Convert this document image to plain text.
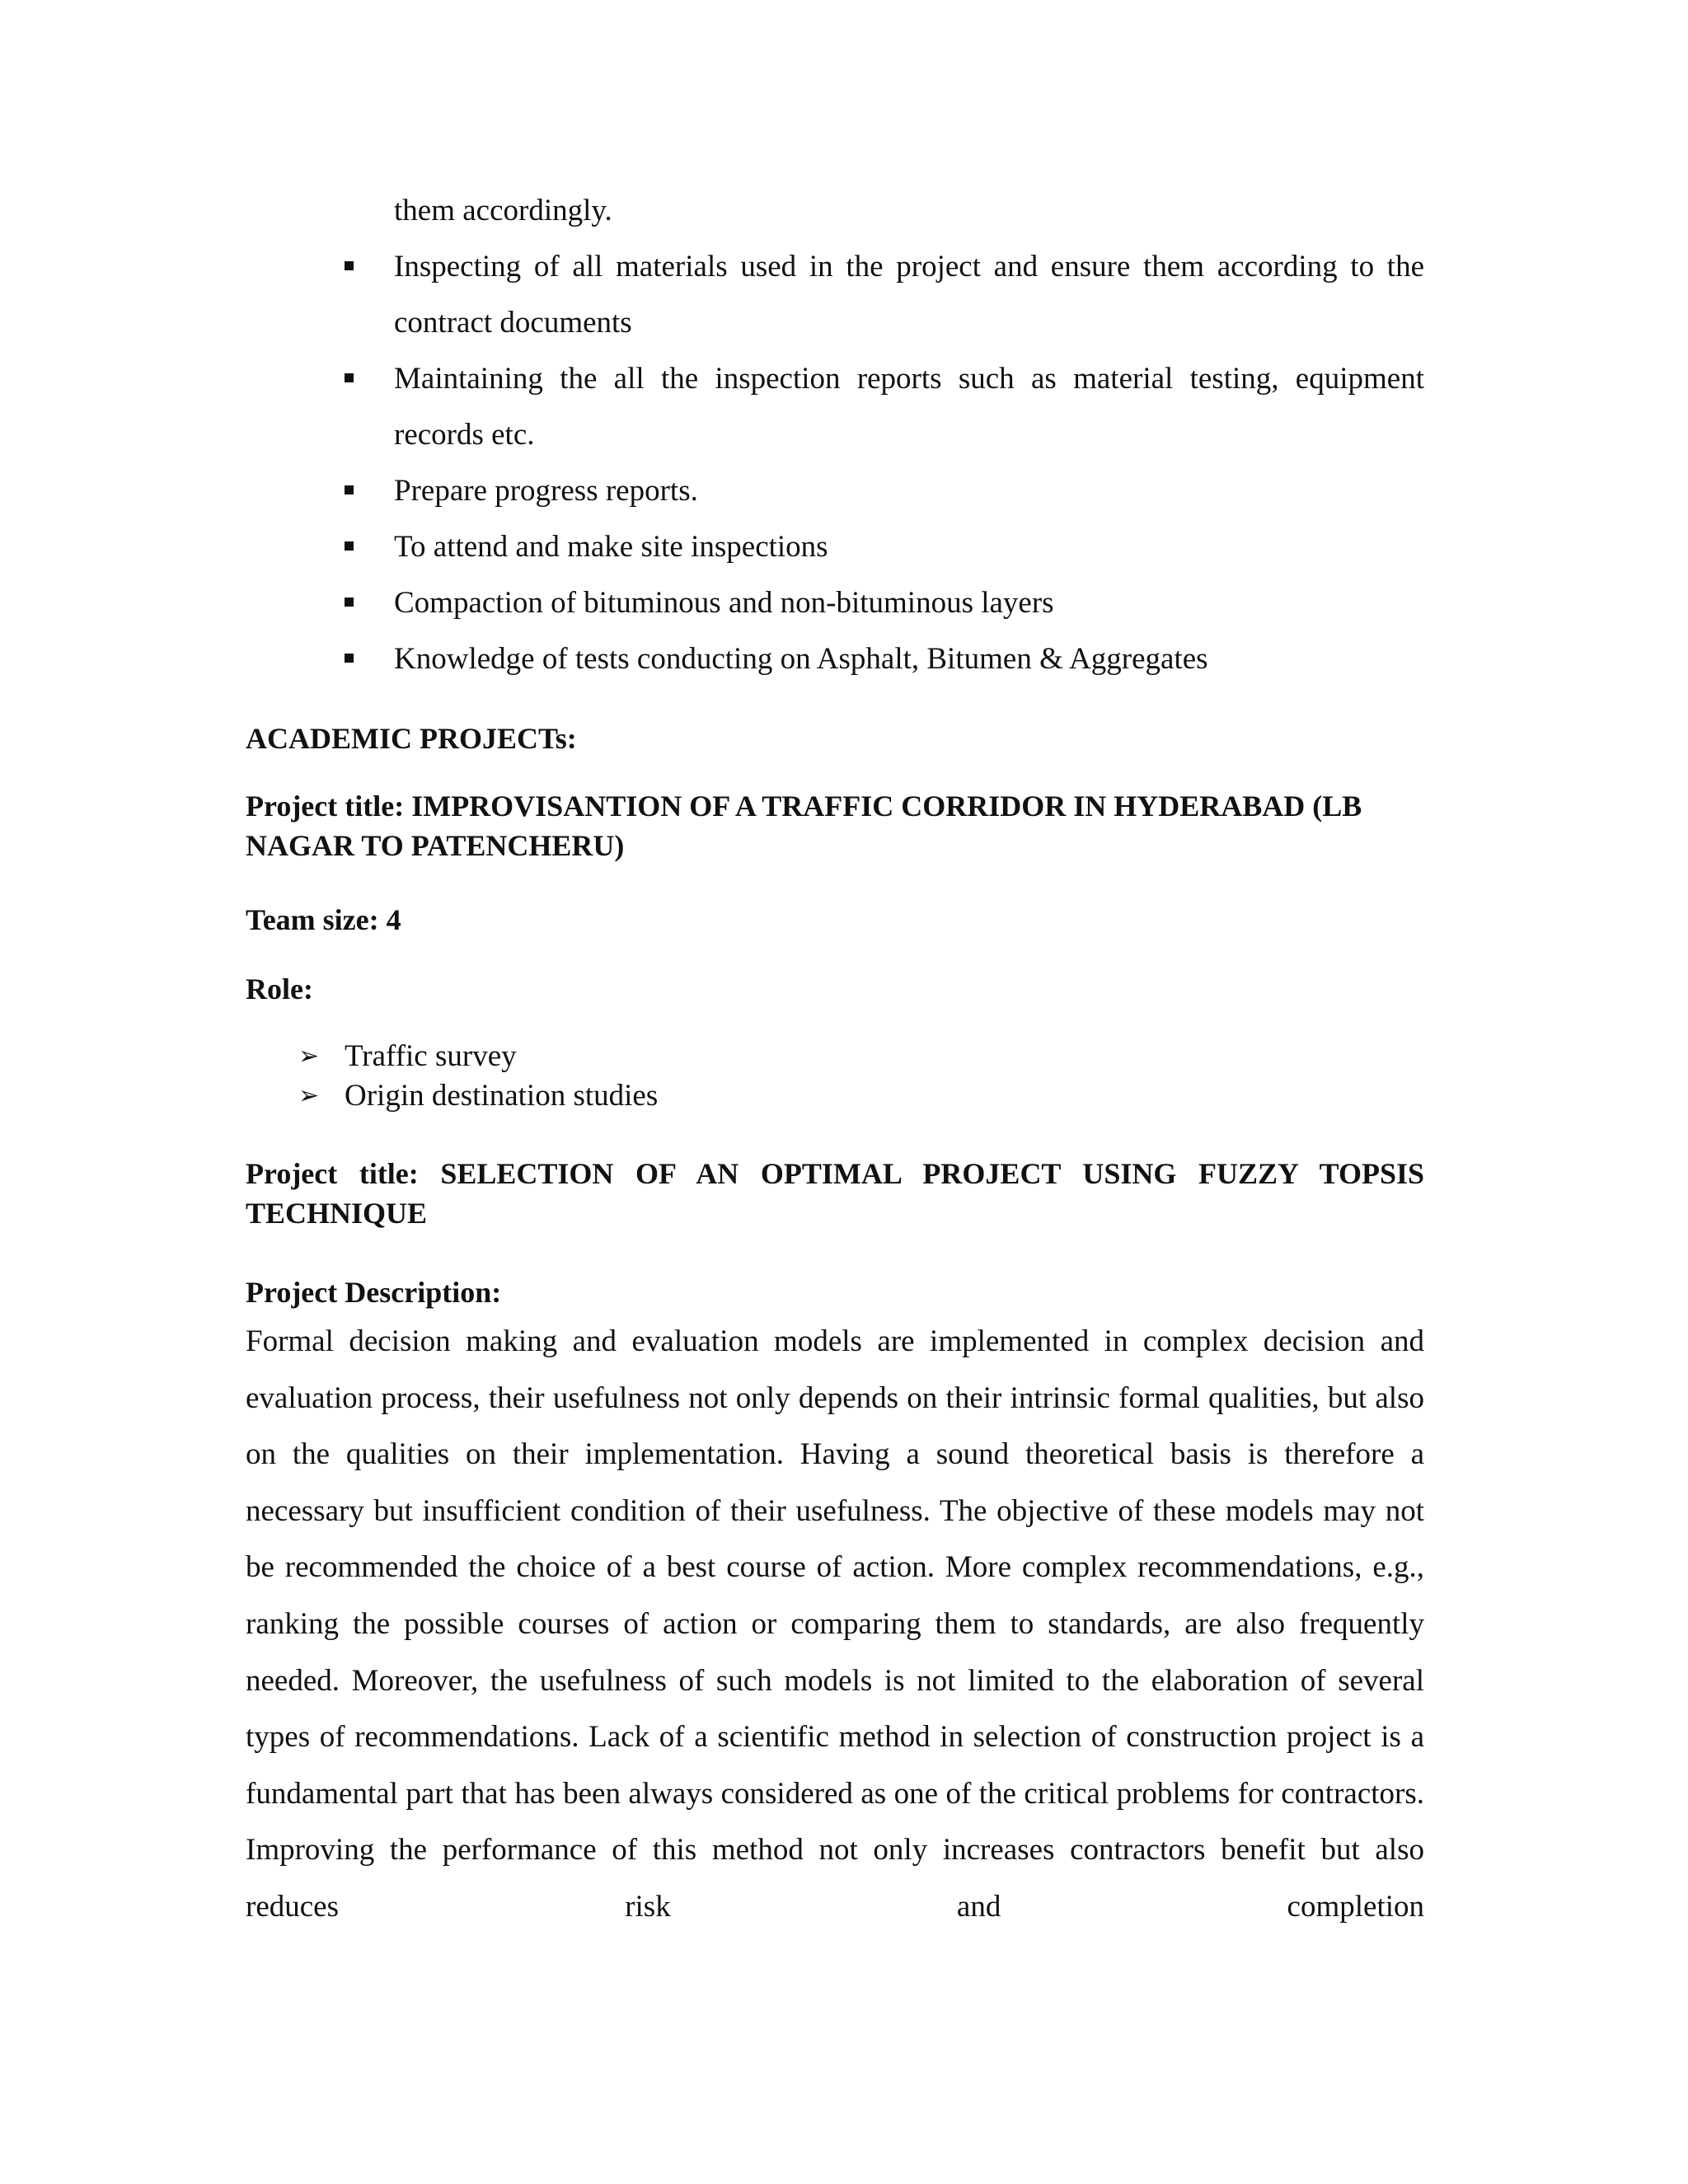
them accordingly.
Inspecting of all materials used in the project and ensure them according to the contract documents
Maintaining the all the inspection reports such as material testing, equipment records etc.
Prepare progress reports.
To attend and make site inspections
Compaction of bituminous and non-bituminous layers
Knowledge of tests conducting on Asphalt, Bitumen & Aggregates
ACADEMIC PROJECTs:
Project title: IMPROVISANTION OF A TRAFFIC CORRIDOR IN HYDERABAD (LB NAGAR TO PATENCHERU)
Team size: 4
Role:
➢ Traffic survey
➢ Origin destination studies
Project title: SELECTION OF AN OPTIMAL PROJECT USING FUZZY TOPSIS TECHNIQUE
Project Description:

Formal decision making and evaluation models are implemented in complex decision and evaluation process, their usefulness not only depends on their intrinsic formal qualities, but also on the qualities on their implementation. Having a sound theoretical basis is therefore a necessary but insufficient condition of their usefulness. The objective of these models may not be recommended the choice of a best course of action. More complex recommendations, e.g., ranking the possible courses of action or comparing them to standards, are also frequently needed. Moreover, the usefulness of such models is not limited to the elaboration of several types of recommendations. Lack of a scientific method in selection of construction project is a fundamental part that has been always considered as one of the critical problems for contractors. Improving the performance of this method not only increases contractors benefit but also reduces risk and completion
